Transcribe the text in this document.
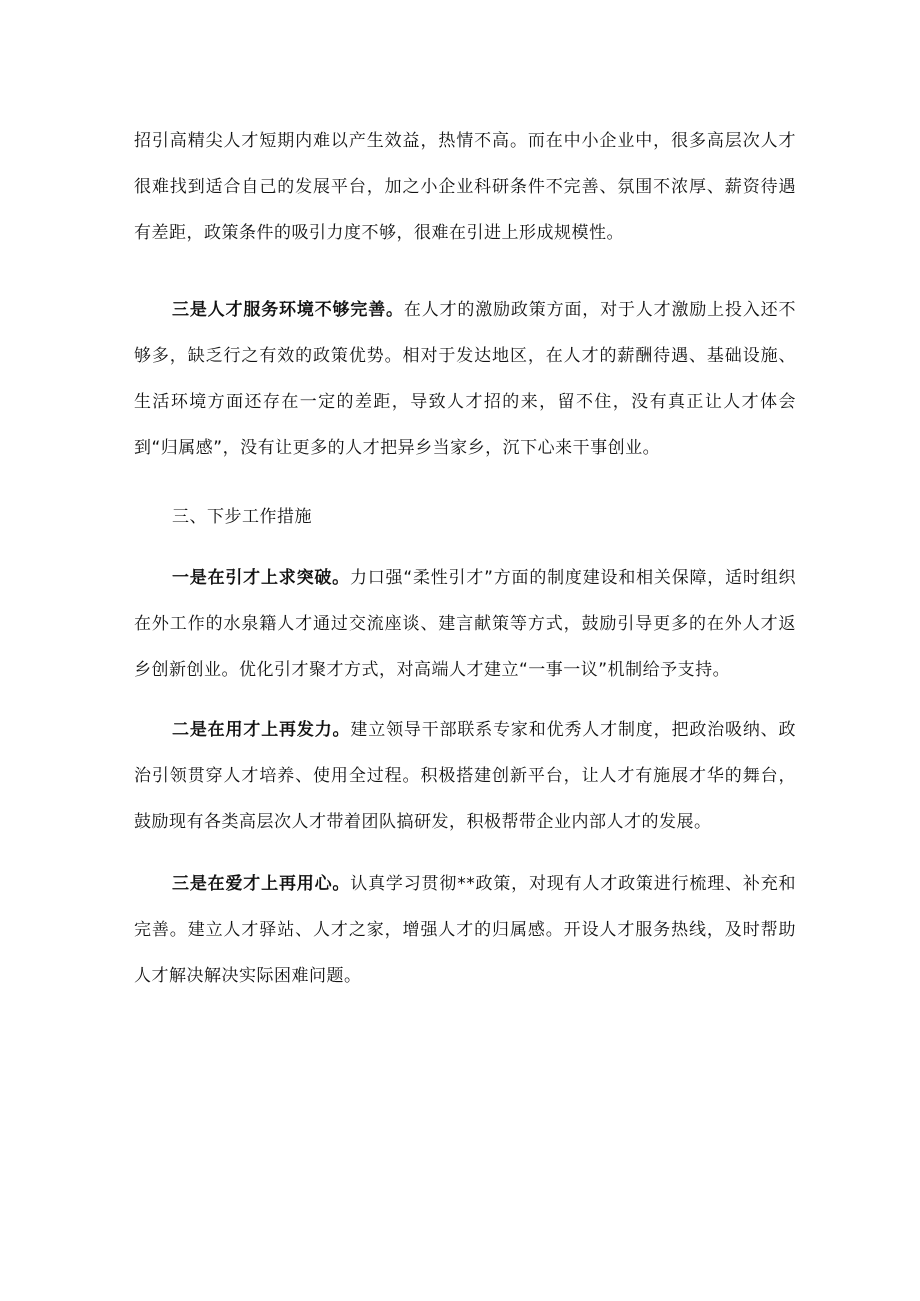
招引高精尖人才短期内难以产生效益，热情不高。而在中小企业中，很多高层次人才很难找到适合自己的发展平台，加之小企业科研条件不完善、氛围不浓厚、薪资待遇有差距，政策条件的吸引力度不够，很难在引进上形成规模性。

三是人才服务环境不够完善。在人才的激励政策方面，对于人才激励上投入还不够多，缺乏行之有效的政策优势。相对于发达地区，在人才的薪酬待遇、基础设施、生活环境方面还存在一定的差距，导致人才招的来，留不住，没有真正让人才体会到“归属感”，没有让更多的人才把异乡当家乡，沉下心来干事创业。

三、下步工作措施

一是在引才上求突破。力口强“柔性引才”方面的制度建设和相关保障，适时组织在外工作的水泉籍人才通过交流座谈、建言献策等方式，鼓励引导更多的在外人才返乡创新创业。优化引才聚才方式，对高端人才建立“一事一议”机制给予支持。

二是在用才上再发力。建立领导干部联系专家和优秀人才制度，把政治吸纳、政治引领贯穿人才培养、使用全过程。积极搭建创新平台，让人才有施展才华的舞台，鼓励现有各类高层次人才带着团队搞研发，积极帮带企业内部人才的发展。

三是在爱才上再用心。认真学习贯彻**政策，对现有人才政策进行梳理、补充和完善。建立人才驿站、人才之家，增强人才的归属感。开设人才服务热线，及时帮助人才解决解决实际困难问题。
